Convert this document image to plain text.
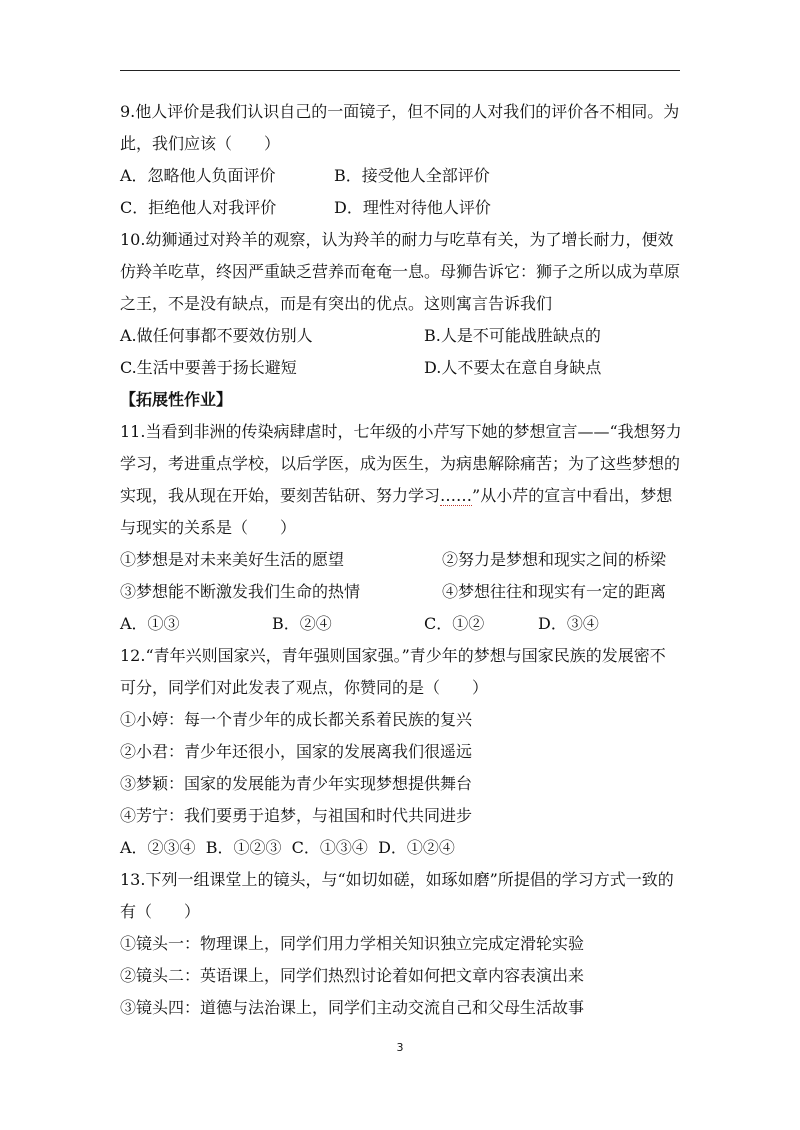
9.他人评价是我们认识自己的一面镜子，但不同的人对我们的评价各不相同。为
此，我们应该（　　）
A．忽略他人负面评价	B．接受他人全部评价
C．拒绝他人对我评价	D．理性对待他人评价
10.幼狮通过对羚羊的观察，认为羚羊的耐力与吃草有关，为了增长耐力，便效
仿羚羊吃草，终因严重缺乏营养而奄奄一息。母狮告诉它：狮子之所以成为草原
之王，不是没有缺点，而是有突出的优点。这则寓言告诉我们
A.做任何事都不要效仿别人	B.人是不可能战胜缺点的
C.生活中要善于扬长避短	D.人不要太在意自身缺点
【拓展性作业】
11.当看到非洲的传染病肆虐时，七年级的小芹写下她的梦想宣言——“我想努力
学习，考进重点学校，以后学医，成为医生，为病患解除痛苦；为了这些梦想的
实现，我从现在开始，要刻苦钻研、努力学习……”从小芹的宣言中看出，梦想
与现实的关系是（　　）
①梦想是对未来美好生活的愿望	②努力是梦想和现实之间的桥梁
③梦想能不断激发我们生命的热情	④梦想往往和现实有一定的距离
A．①③	B．②④	C．①②	D．③④
12.“青年兴则国家兴，青年强则国家强。”青少年的梦想与国家民族的发展密不
可分，同学们对此发表了观点，你赞同的是（　　）
①小婷：每一个青少年的成长都关系着民族的复兴
②小君：青少年还很小，国家的发展离我们很遥远
③梦颖：国家的发展能为青少年实现梦想提供舞台
④芳宁：我们要勇于追梦，与祖国和时代共同进步
A．②③④  B．①②③  C．①③④  D．①②④
13.下列一组课堂上的镜头，与“如切如磋，如琢如磨”所提倡的学习方式一致的
有（　　）
①镜头一：物理课上，同学们用力学相关知识独立完成定滑轮实验
②镜头二：英语课上，同学们热烈讨论着如何把文章内容表演出来
③镜头四：道德与法治课上，同学们主动交流自己和父母生活故事
3
